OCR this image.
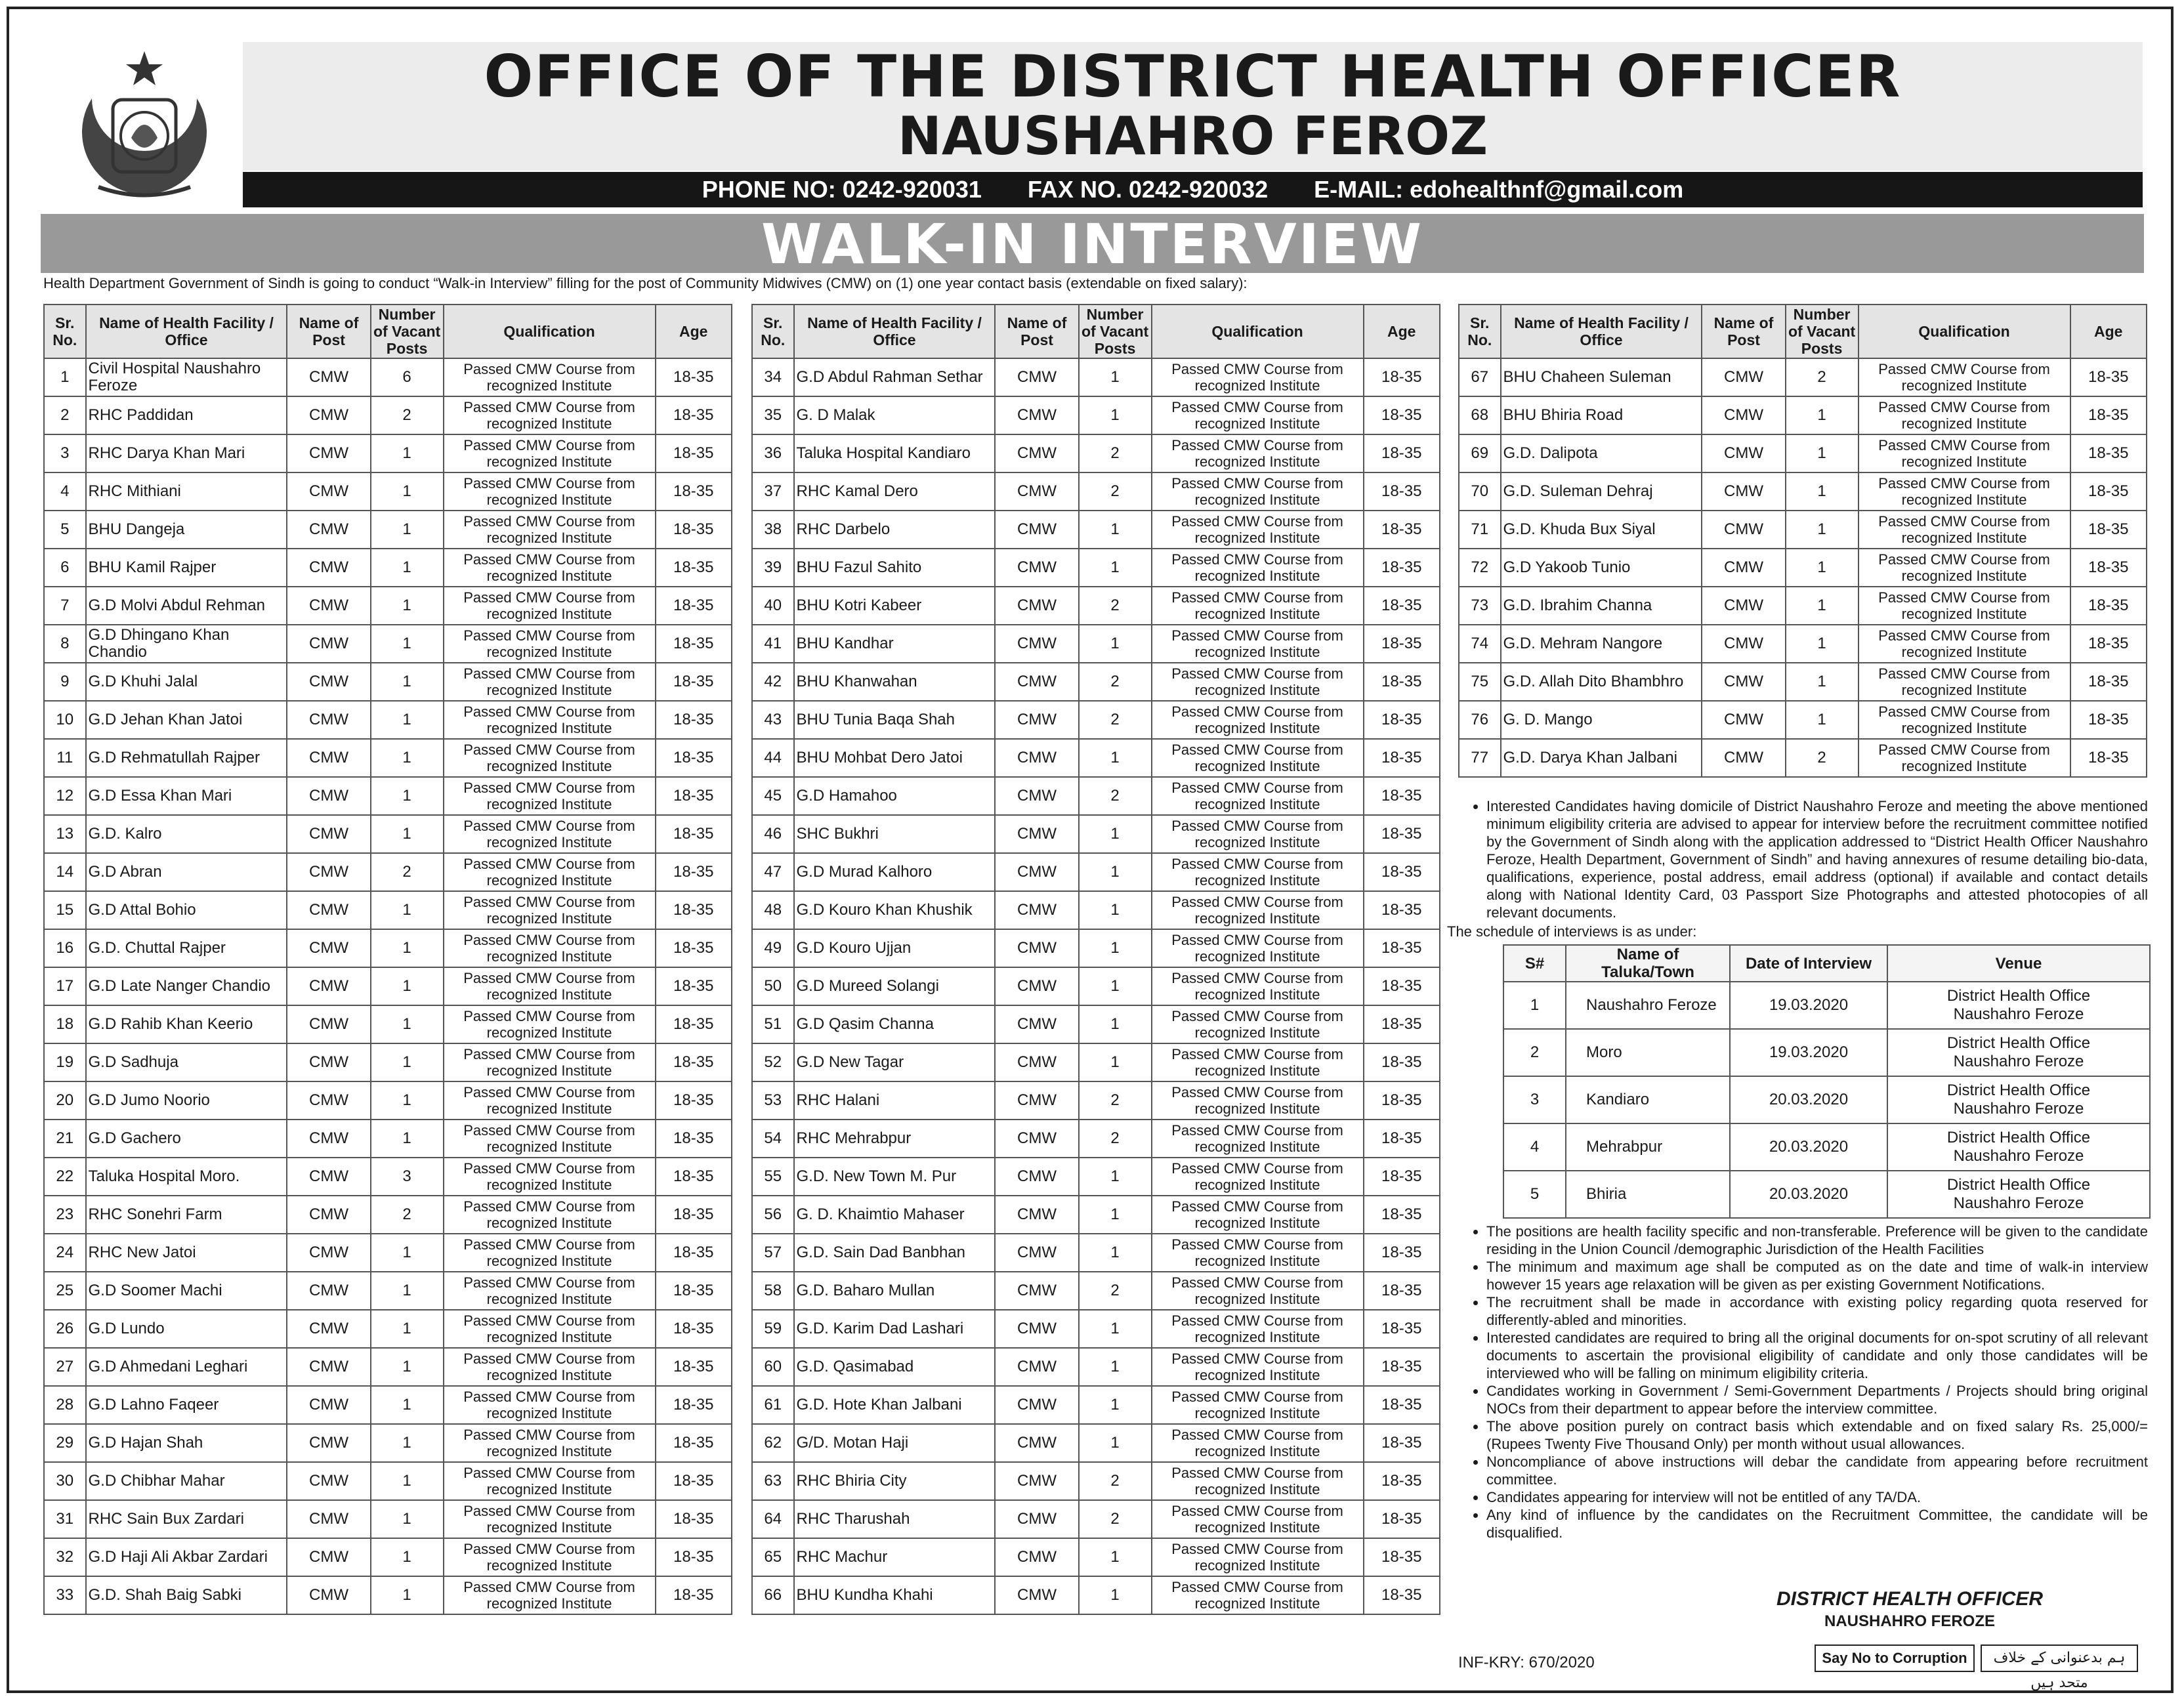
OFFICE OF THE DISTRICT HEALTH OFFICER
NAUSHAHRO FEROZ
PHONE NO: 0242-920031 FAX NO. 0242-920032 E-MAIL: edohealthnf@gmail.com
WALK-IN INTERVIEW
Health Department Government of Sindh is going to conduct “Walk-in Interview” filling for the post of Community Midwives (CMW) on (1) one year contact basis (extendable on fixed salary):
Sr. No.	Name of Health Facility / Office	Name of Post	Number of Vacant Posts	Qualification	Age
1	Civil Hospital Naushahro Feroze	CMW	6	Passed CMW Course from recognized Institute	18-35
2	RHC Paddidan	CMW	2	Passed CMW Course from recognized Institute	18-35
3	RHC Darya Khan Mari	CMW	1	Passed CMW Course from recognized Institute	18-35
4	RHC Mithiani	CMW	1	Passed CMW Course from recognized Institute	18-35
5	BHU Dangeja	CMW	1	Passed CMW Course from recognized Institute	18-35
6	BHU Kamil Rajper	CMW	1	Passed CMW Course from recognized Institute	18-35
7	G.D Molvi Abdul Rehman	CMW	1	Passed CMW Course from recognized Institute	18-35
8	G.D Dhingano Khan Chandio	CMW	1	Passed CMW Course from recognized Institute	18-35
9	G.D Khuhi Jalal	CMW	1	Passed CMW Course from recognized Institute	18-35
10	G.D Jehan Khan Jatoi	CMW	1	Passed CMW Course from recognized Institute	18-35
11	G.D Rehmatullah Rajper	CMW	1	Passed CMW Course from recognized Institute	18-35
12	G.D Essa Khan Mari	CMW	1	Passed CMW Course from recognized Institute	18-35
13	G.D. Kalro	CMW	1	Passed CMW Course from recognized Institute	18-35
14	G.D Abran	CMW	2	Passed CMW Course from recognized Institute	18-35
15	G.D Attal Bohio	CMW	1	Passed CMW Course from recognized Institute	18-35
16	G.D. Chuttal Rajper	CMW	1	Passed CMW Course from recognized Institute	18-35
17	G.D Late Nanger Chandio	CMW	1	Passed CMW Course from recognized Institute	18-35
18	G.D Rahib Khan Keerio	CMW	1	Passed CMW Course from recognized Institute	18-35
19	G.D Sadhuja	CMW	1	Passed CMW Course from recognized Institute	18-35
20	G.D Jumo Noorio	CMW	1	Passed CMW Course from recognized Institute	18-35
21	G.D Gachero	CMW	1	Passed CMW Course from recognized Institute	18-35
22	Taluka Hospital Moro.	CMW	3	Passed CMW Course from recognized Institute	18-35
23	RHC Sonehri Farm	CMW	2	Passed CMW Course from recognized Institute	18-35
24	RHC New Jatoi	CMW	1	Passed CMW Course from recognized Institute	18-35
25	G.D Soomer Machi	CMW	1	Passed CMW Course from recognized Institute	18-35
26	G.D Lundo	CMW	1	Passed CMW Course from recognized Institute	18-35
27	G.D Ahmedani Leghari	CMW	1	Passed CMW Course from recognized Institute	18-35
28	G.D Lahno Faqeer	CMW	1	Passed CMW Course from recognized Institute	18-35
29	G.D Hajan Shah	CMW	1	Passed CMW Course from recognized Institute	18-35
30	G.D Chibhar Mahar	CMW	1	Passed CMW Course from recognized Institute	18-35
31	RHC Sain Bux Zardari	CMW	1	Passed CMW Course from recognized Institute	18-35
32	G.D Haji Ali Akbar Zardari	CMW	1	Passed CMW Course from recognized Institute	18-35
33	G.D. Shah Baig Sabki	CMW	1	Passed CMW Course from recognized Institute	18-35
Sr. No.	Name of Health Facility / Office	Name of Post	Number of Vacant Posts	Qualification	Age
34	G.D Abdul Rahman Sethar	CMW	1	Passed CMW Course from recognized Institute	18-35
35	G. D Malak	CMW	1	Passed CMW Course from recognized Institute	18-35
36	Taluka Hospital Kandiaro	CMW	2	Passed CMW Course from recognized Institute	18-35
37	RHC Kamal Dero	CMW	2	Passed CMW Course from recognized Institute	18-35
38	RHC Darbelo	CMW	1	Passed CMW Course from recognized Institute	18-35
39	BHU Fazul Sahito	CMW	1	Passed CMW Course from recognized Institute	18-35
40	BHU Kotri Kabeer	CMW	2	Passed CMW Course from recognized Institute	18-35
41	BHU Kandhar	CMW	1	Passed CMW Course from recognized Institute	18-35
42	BHU Khanwahan	CMW	2	Passed CMW Course from recognized Institute	18-35
43	BHU Tunia Baqa Shah	CMW	2	Passed CMW Course from recognized Institute	18-35
44	BHU Mohbat Dero Jatoi	CMW	1	Passed CMW Course from recognized Institute	18-35
45	G.D Hamahoo	CMW	2	Passed CMW Course from recognized Institute	18-35
46	SHC Bukhri	CMW	1	Passed CMW Course from recognized Institute	18-35
47	G.D Murad Kalhoro	CMW	1	Passed CMW Course from recognized Institute	18-35
48	G.D Kouro Khan Khushik	CMW	1	Passed CMW Course from recognized Institute	18-35
49	G.D Kouro Ujjan	CMW	1	Passed CMW Course from recognized Institute	18-35
50	G.D Mureed Solangi	CMW	1	Passed CMW Course from recognized Institute	18-35
51	G.D Qasim Channa	CMW	1	Passed CMW Course from recognized Institute	18-35
52	G.D New Tagar	CMW	1	Passed CMW Course from recognized Institute	18-35
53	RHC Halani	CMW	2	Passed CMW Course from recognized Institute	18-35
54	RHC Mehrabpur	CMW	2	Passed CMW Course from recognized Institute	18-35
55	G.D. New Town M. Pur	CMW	1	Passed CMW Course from recognized Institute	18-35
56	G. D. Khaimtio Mahaser	CMW	1	Passed CMW Course from recognized Institute	18-35
57	G.D. Sain Dad Banbhan	CMW	1	Passed CMW Course from recognized Institute	18-35
58	G.D. Baharo Mullan	CMW	2	Passed CMW Course from recognized Institute	18-35
59	G.D. Karim Dad Lashari	CMW	1	Passed CMW Course from recognized Institute	18-35
60	G.D. Qasimabad	CMW	1	Passed CMW Course from recognized Institute	18-35
61	G.D. Hote Khan Jalbani	CMW	1	Passed CMW Course from recognized Institute	18-35
62	G/D. Motan Haji	CMW	1	Passed CMW Course from recognized Institute	18-35
63	RHC Bhiria City	CMW	2	Passed CMW Course from recognized Institute	18-35
64	RHC Tharushah	CMW	2	Passed CMW Course from recognized Institute	18-35
65	RHC Machur	CMW	1	Passed CMW Course from recognized Institute	18-35
66	BHU Kundha Khahi	CMW	1	Passed CMW Course from recognized Institute	18-35
Sr. No.	Name of Health Facility / Office	Name of Post	Number of Vacant Posts	Qualification	Age
67	BHU Chaheen Suleman	CMW	2	Passed CMW Course from recognized Institute	18-35
68	BHU Bhiria Road	CMW	1	Passed CMW Course from recognized Institute	18-35
69	G.D. Dalipota	CMW	1	Passed CMW Course from recognized Institute	18-35
70	G.D. Suleman Dehraj	CMW	1	Passed CMW Course from recognized Institute	18-35
71	G.D. Khuda Bux Siyal	CMW	1	Passed CMW Course from recognized Institute	18-35
72	G.D Yakoob Tunio	CMW	1	Passed CMW Course from recognized Institute	18-35
73	G.D. Ibrahim Channa	CMW	1	Passed CMW Course from recognized Institute	18-35
74	G.D. Mehram Nangore	CMW	1	Passed CMW Course from recognized Institute	18-35
75	G.D. Allah Dito Bhambhro	CMW	1	Passed CMW Course from recognized Institute	18-35
76	G. D. Mango	CMW	1	Passed CMW Course from recognized Institute	18-35
77	G.D. Darya Khan Jalbani	CMW	2	Passed CMW Course from recognized Institute	18-35
• Interested Candidates having domicile of District Naushahro Feroze and meeting the above mentioned minimum eligibility criteria are advised to appear for interview before the recruitment committee notified by the Government of Sindh along with the application addressed to “District Health Officer Naushahro Feroze, Health Department, Government of Sindh” and having annexures of resume detailing bio-data, qualifications, experience, postal address, email address (optional) if available and contact details along with National Identity Card, 03 Passport Size Photographs and attested photocopies of all relevant documents.
The schedule of interviews is as under:
S#	Name of Taluka/Town	Date of Interview	Venue
1	Naushahro Feroze	19.03.2020	District Health Office
Naushahro Feroze

2	Moro	19.03.2020	District Health Office
Naushahro Feroze

3	Kandiaro	20.03.2020	District Health Office
Naushahro Feroze

4	Mehrabpur	20.03.2020	District Health Office
Naushahro Feroze

5	Bhiria	20.03.2020	District Health Office
Naushahro Feroze
• The positions are health facility specific and non-transferable. Preference will be given to the candidate residing in the Union Council /demographic Jurisdiction of the Health Facilities
• The minimum and maximum age shall be computed as on the date and time of walk-in interview however 15 years age relaxation will be given as per existing Government Notifications.
• The recruitment shall be made in accordance with existing policy regarding quota reserved for differently-abled and minorities.
• Interested candidates are required to bring all the original documents for on-spot scrutiny of all relevant documents to ascertain the provisional eligibility of candidate and only those candidates will be interviewed who will be falling on minimum eligibility criteria.
• Candidates working in Government / Semi-Government Departments / Projects should bring original NOCs from their department to appear before the interview committee.
• The above position purely on contract basis which extendable and on fixed salary Rs. 25,000/= (Rupees Twenty Five Thousand Only) per month without usual allowances.
• Noncompliance of above instructions will debar the candidate from appearing before recruitment committee.
• Candidates appearing for interview will not be entitled of any TA/DA.
• Any kind of influence by the candidates on the Recruitment Committee, the candidate will be disqualified.
DISTRICT HEALTH OFFICER
NAUSHAHRO FEROZE
INF-KRY: 670/2020	Say No to Corruption	ہم بدعنوانی کے خلاف متحد ہیں
